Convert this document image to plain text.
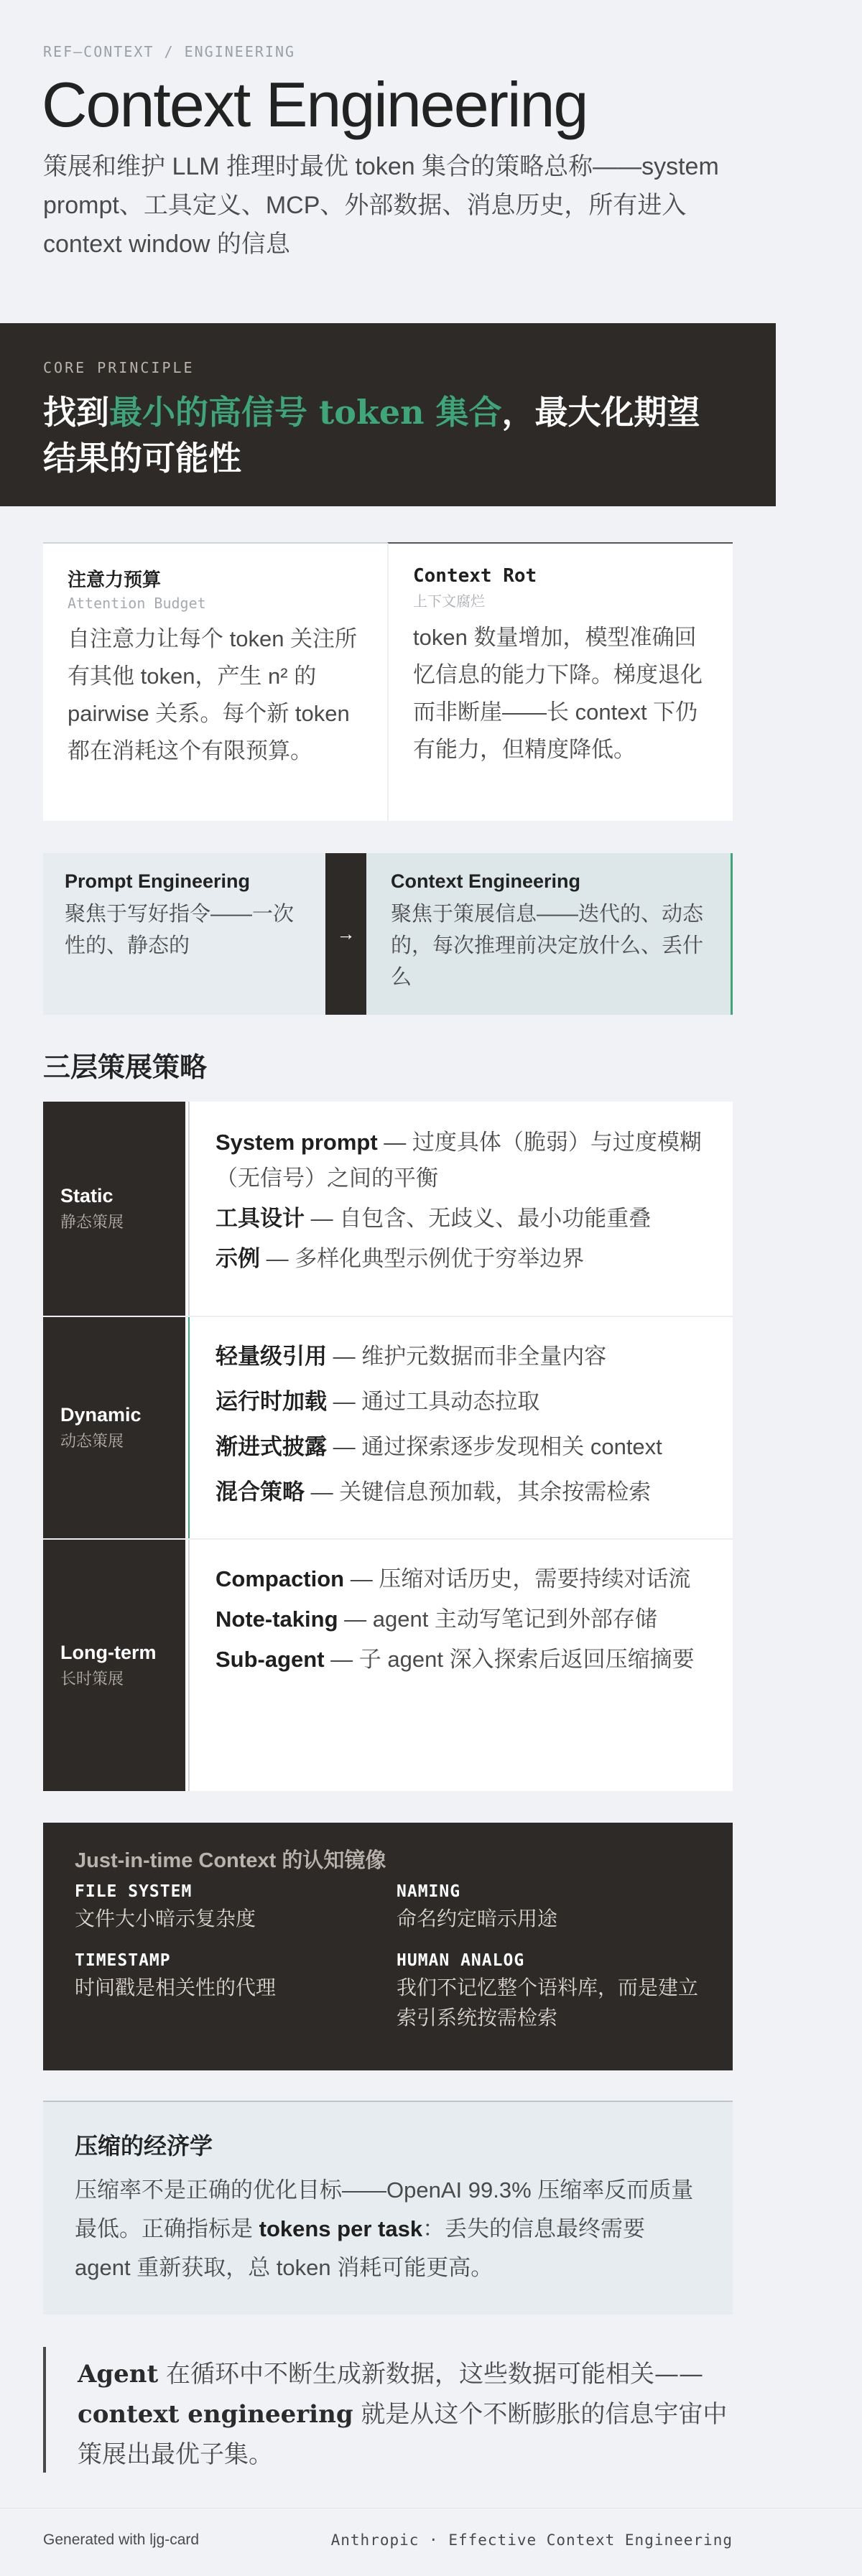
REF—CONTEXT / ENGINEERING
Context Engineering

策展和维护 LLM 推理时最优 token 集合的策略总称——system prompt、工具定义、MCP、外部数据、消息历史，所有进入 context window 的信息

CORE PRINCIPLE
找到最小的高信号 token 集合，最大化期望结果的可能性
注意力预算
Attention Budget
自注意力让每个 token 关注所有其他 token，产生 n² 的 pairwise 关系。每个新 token 都在消耗这个有限预算。
Context Rot
上下文腐烂
token 数量增加，模型准确回忆信息的能力下降。梯度退化而非断崖——长 context 下仍有能力，但精度降低。
Prompt Engineering
聚焦于写好指令——一次性的、静态的
→
Context Engineering
聚焦于策展信息——迭代的、动态的，每次推理前决定放什么、丢什么
三层策展策略
Static
静态策展
System prompt — 过度具体（脆弱）与过度模糊（无信号）之间的平衡
工具设计 — 自包含、无歧义、最小功能重叠
示例 — 多样化典型示例优于穷举边界
Dynamic
动态策展
轻量级引用 — 维护元数据而非全量内容
运行时加载 — 通过工具动态拉取
渐进式披露 — 通过探索逐步发现相关 context
混合策略 — 关键信息预加载，其余按需检索
Long-term
长时策展
Compaction — 压缩对话历史，需要持续对话流
Note-taking — agent 主动写笔记到外部存储
Sub-agent — 子 agent 深入探索后返回压缩摘要
Just-in-time Context 的认知镜像
FILE SYSTEM
文件大小暗示复杂度
NAMING
命名约定暗示用途
TIMESTAMP
时间戳是相关性的代理
HUMAN ANALOG
我们不记忆整个语料库，而是建立索引系统按需检索
压缩的经济学
压缩率不是正确的优化目标——OpenAI 99.3% 压缩率反而质量最低。正确指标是 tokens per task：丢失的信息最终需要 agent 重新获取，总 token 消耗可能更高。
Agent 在循环中不断生成新数据，这些数据可能相关——context engineering 就是从这个不断膨胀的信息宇宙中策展出最优子集。
Generated with ljg-card	Anthropic · Effective Context Engineering
